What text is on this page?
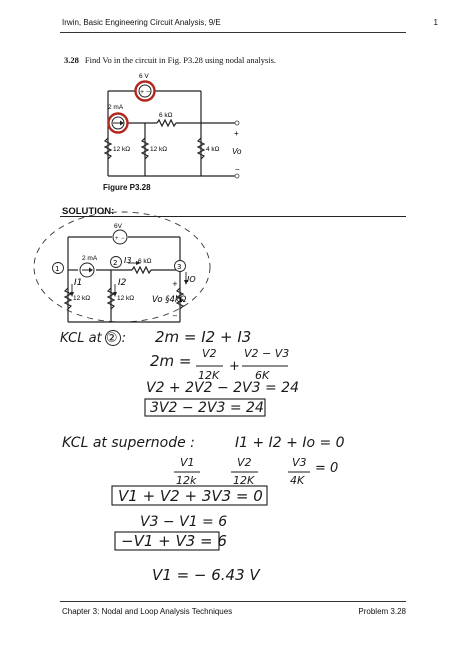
Irwin, Basic Engineering Circuit Analysis, 9/E	1
3.28 Find Vo in the circuit in Fig. P3.28 using nodal analysis.
+ −
6 V
2 mA
6 kΩ
12 kΩ	12 kΩ	4 kΩ
+
Vo
−
Figure P3.28
SOLUTION:
+ −
6V
2 mA	6 kΩ
12 kΩ	12 kΩ
1
2	3
I1	I2
I3
IO
+
Vo §4kΩ
−
KCL at ② : 2m = I2 + I3
2m = V2
12K
+
V2 − V3
6K
V2 + 2V2 − 2V3 = 24
3V2 − 2V3 = 24
KCL at supernode :	I1 + I2 + Io = 0
V1
12k
V2
12K
V3
4K
= 0
V1 + V2 + 3V3 = 0
V3 − V1 = 6
−V1 + V3 = 6
V1 = − 6.43 V
Chapter 3: Nodal and Loop Analysis Techniques	Problem 3.28
